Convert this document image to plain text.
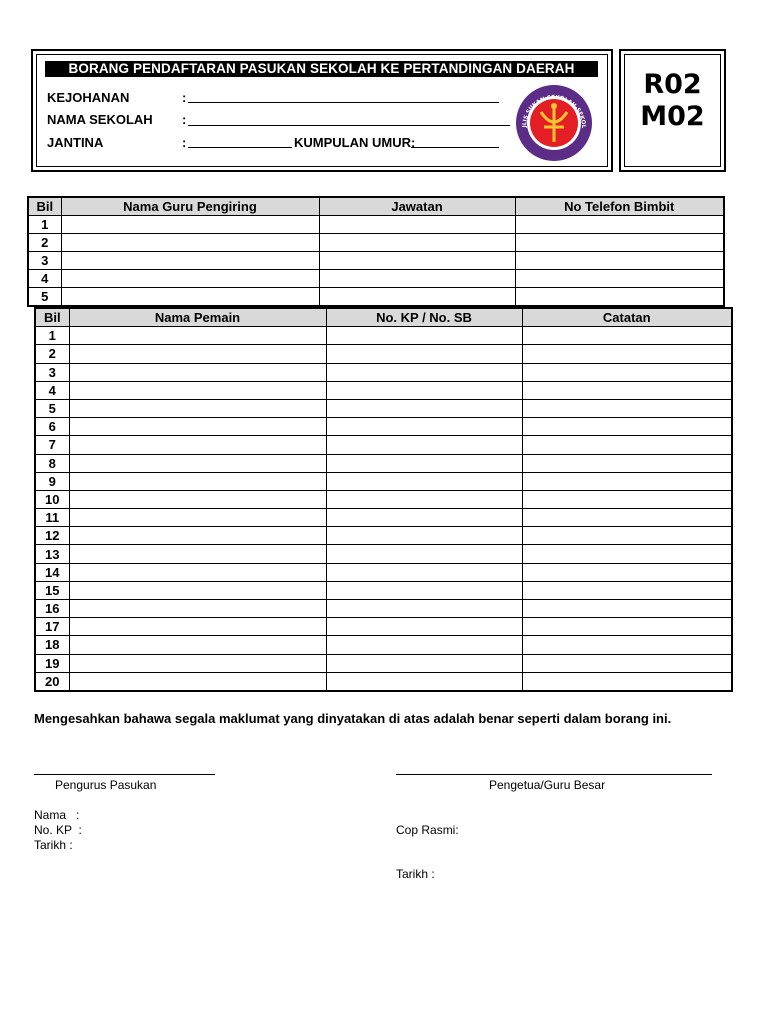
BORANG PENDAFTARAN PASUKAN SEKOLAH KE PERTANDINGAN DAERAH
KEJOHANAN	:
NAMA SEKOLAH :
JANTINA	:	KUMPULAN UMUR:
JLIS SUKAN SEKOLAH-SEKOL
R02
M02
Bil	Nama Guru Pengiring	Jawatan	No Telefon Bimbit
1			
2			
3			
4			
5			
Bil	Nama Pemain	No. KP / No. SB	Catatan
1			
2			
3			
4			
5			
6			
7			
8			
9			
10			
11			
12			
13			
14			
15			
16			
17			
18			
19			
20			
Mengesahkan bahawa segala maklumat yang dinyatakan di atas adalah benar seperti dalam borang ini.
Pengurus Pasukan	Pengetua/Guru Besar
Nama   :
No. KP  :
Tarikh :
Cop Rasmi:
Tarikh :
